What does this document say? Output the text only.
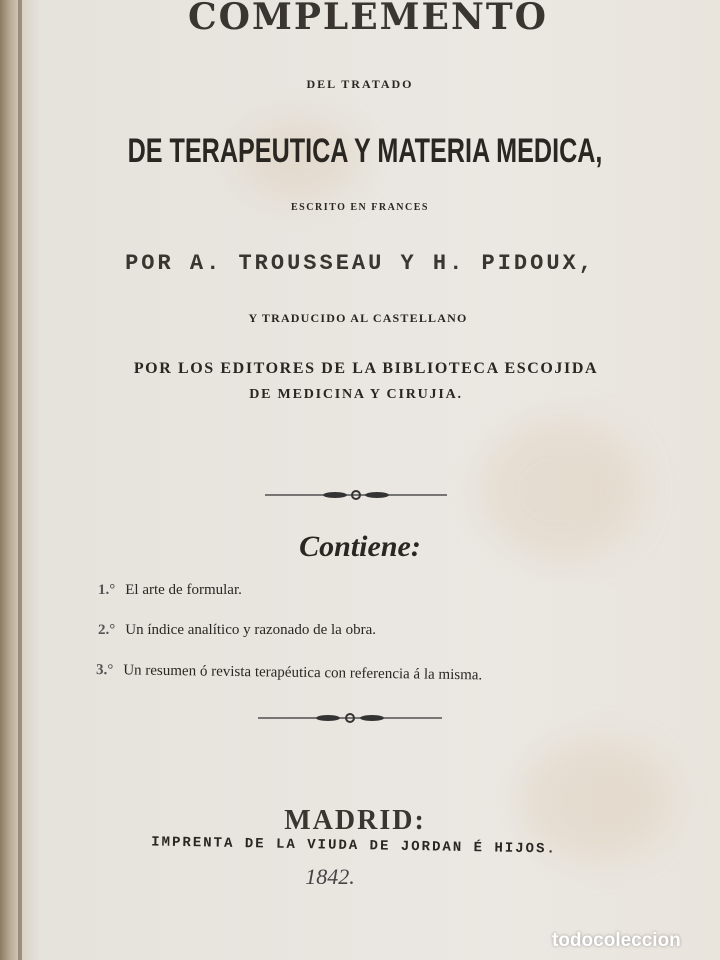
COMPLEMENTO
DEL TRATADO
DE TERAPEUTICA Y MATERIA MEDICA,
ESCRITO EN FRANCES
POR A. TROUSSEAU Y H. PIDOUX,
Y TRADUCIDO AL CASTELLANO
POR LOS EDITORES DE LA BIBLIOTECA ESCOJIDA
DE MEDICINA Y CIRUJIA.
Contiene:
1.° El arte de formular.
2.° Un índice analítico y razonado de la obra.
3.° Un resumen ó revista terapéutica con referencia á la misma.
MADRID:
IMPRENTA DE LA VIUDA DE JORDAN É HIJOS.
1842.
todocoleccion
